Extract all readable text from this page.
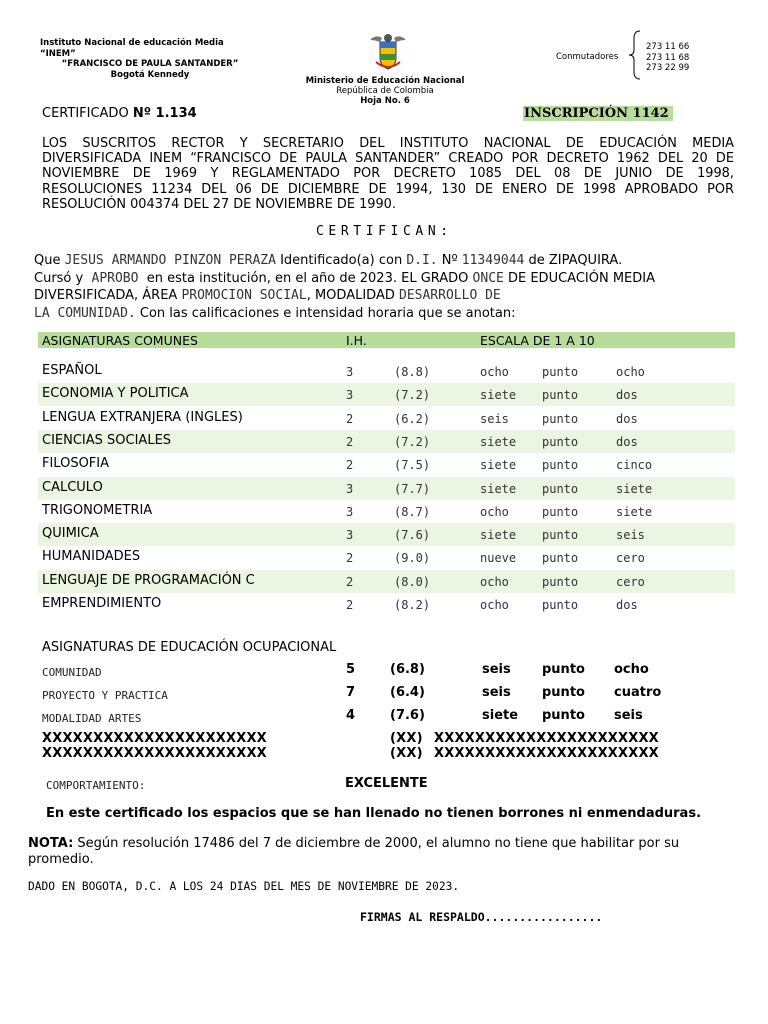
Instituto Nacional de educación Media “INEM”
“FRANCISCO DE PAULA SANTANDER”
Bogotá Kennedy
Ministerio de Educación Nacional
República de Colombia
Hoja No. 6
Conmutadores
273 11 66
273 11 68
273 22 99
CERTIFICADO Nº 1.134	INSCRIPCIÓN 1142
LOS SUSCRITOS RECTOR Y SECRETARIO DEL INSTITUTO NACIONAL DE EDUCACIÓN MEDIA
DIVERSIFICADA INEM “FRANCISCO DE PAULA SANTANDER” CREADO POR DECRETO 1962 DEL 20 DE
NOVIEMBRE DE 1969 Y REGLAMENTADO POR DECRETO 1085 DEL 08 DE JUNIO DE 1998,
RESOLUCIONES 11234 DEL 06 DE DICIEMBRE DE 1994, 130 DE ENERO DE 1998 APROBADO POR
RESOLUCIÓN 004374 DEL 27 DE NOVIEMBRE DE 1990.
CERTIFICAN:
Que JESUS ARMANDO PINZON PERAZA Identificado(a) con D.I. Nº 11349044 de ZIPAQUIRA.
Cursó y  APROBO  en esta institución, en el año de 2023. EL GRADO ONCE DE EDUCACIÓN MEDIA
DIVERSIFICADA, ÁREA PROMOCION SOCIAL, MODALIDAD DESARROLLO DE
LA COMUNIDAD. Con las calificaciones e intensidad horaria que se anotan:
ASIGNATURAS COMUNES	I.H.	ESCALA DE 1 A 10
ESPAÑOL	3	(8.8)	ocho	punto	ocho
ECONOMIA Y POLITICA	3	(7.2)	siete punto	dos
LENGUA EXTRANJERA (INGLES)	2	(6.2)	seis	punto	dos
CIENCIAS SOCIALES	2	(7.2)	siete punto	dos
FILOSOFIA	2	(7.5)	siete punto	cinco
CALCULO	3	(7.7)	siete punto	siete
TRIGONOMETRIA	3	(8.7)	ocho	punto	siete
QUIMICA	3	(7.6)	siete punto	seis
HUMANIDADES	2	(9.0)	nueve punto	cero
LENGUAJE DE PROGRAMACIÓN C	2	(8.0)	ocho	punto	cero
EMPRENDIMIENTO	2	(8.2)	ocho	punto	dos
ASIGNATURAS DE EDUCACIÓN OCUPACIONAL
COMUNIDAD	5	(6.8)	seis punto ocho
PROYECTO Y PRACTICA	7	(6.4)	seis punto cuatro
MODALIDAD ARTES	4	(7.6)	siete punto seis
XXXXXXXXXXXXXXXXXXXXXX	(XX) XXXXXXXXXXXXXXXXXXXXXX
XXXXXXXXXXXXXXXXXXXXXX	(XX) XXXXXXXXXXXXXXXXXXXXXX
COMPORTAMIENTO:	EXCELENTE
En este certificado los espacios que se han llenado no tienen borrones ni enmendaduras.
NOTA: Según resolución 17486 del 7 de diciembre de 2000, el alumno no tiene que habilitar por su promedio.
DADO EN BOGOTA, D.C. A LOS 24 DIAS DEL MES DE NOVIEMBRE DE 2023.
FIRMAS AL RESPALDO.................
